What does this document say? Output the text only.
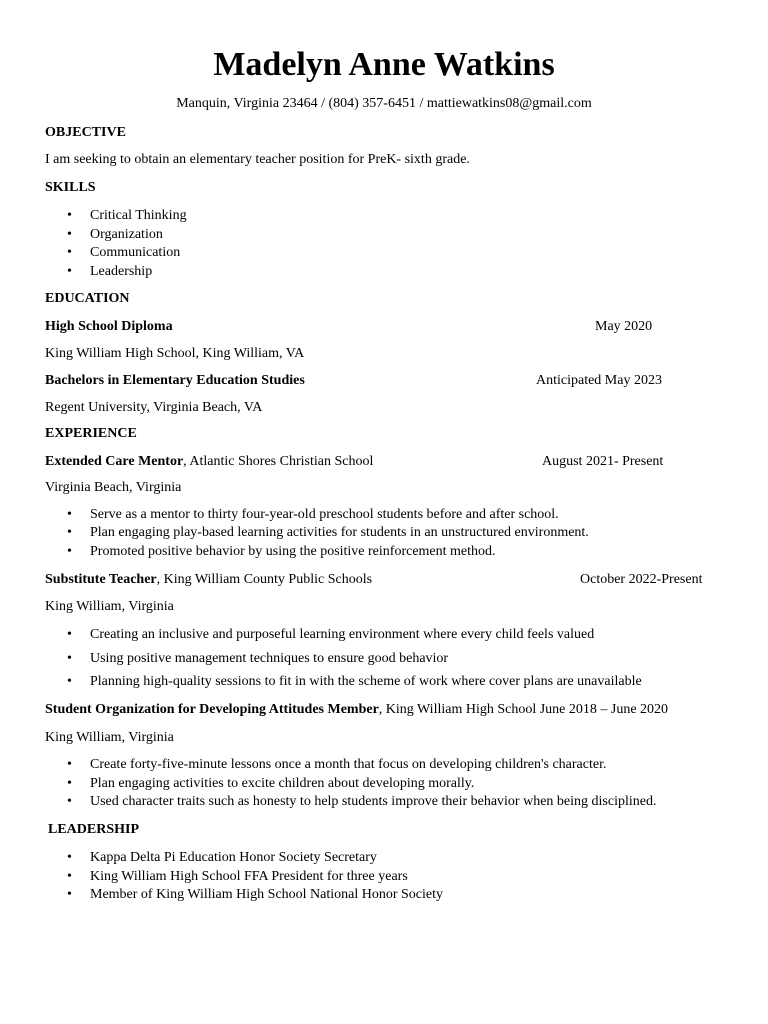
Madelyn Anne Watkins
Manquin, Virginia 23464 / (804) 357-6451 / mattiewatkins08@gmail.com
OBJECTIVE
I am seeking to obtain an elementary teacher position for PreK- sixth grade.
SKILLS
• Critical Thinking
• Organization
• Communication
• Leadership
EDUCATION
High School Diploma	May 2020
King William High School, King William, VA
Bachelors in Elementary Education Studies	Anticipated May 2023
Regent University, Virginia Beach, VA
EXPERIENCE
Extended Care Mentor, Atlantic Shores Christian School	August 2021- Present
Virginia Beach, Virginia
• Serve as a mentor to thirty four-year-old preschool students before and after school.
• Plan engaging play-based learning activities for students in an unstructured environment.
• Promoted positive behavior by using the positive reinforcement method.
Substitute Teacher, King William County Public Schools	October 2022-Present
King William, Virginia
• Creating an inclusive and purposeful learning environment where every child feels valued
• Using positive management techniques to ensure good behavior
• Planning high-quality sessions to fit in with the scheme of work where cover plans are unavailable
Student Organization for Developing Attitudes Member, King William High School June 2018 – June 2020
King William, Virginia
• Create forty-five-minute lessons once a month that focus on developing children's character.
• Plan engaging activities to excite children about developing morally.
• Used character traits such as honesty to help students improve their behavior when being disciplined.
LEADERSHIP
• Kappa Delta Pi Education Honor Society Secretary
• King William High School FFA President for three years
• Member of King William High School National Honor Society
